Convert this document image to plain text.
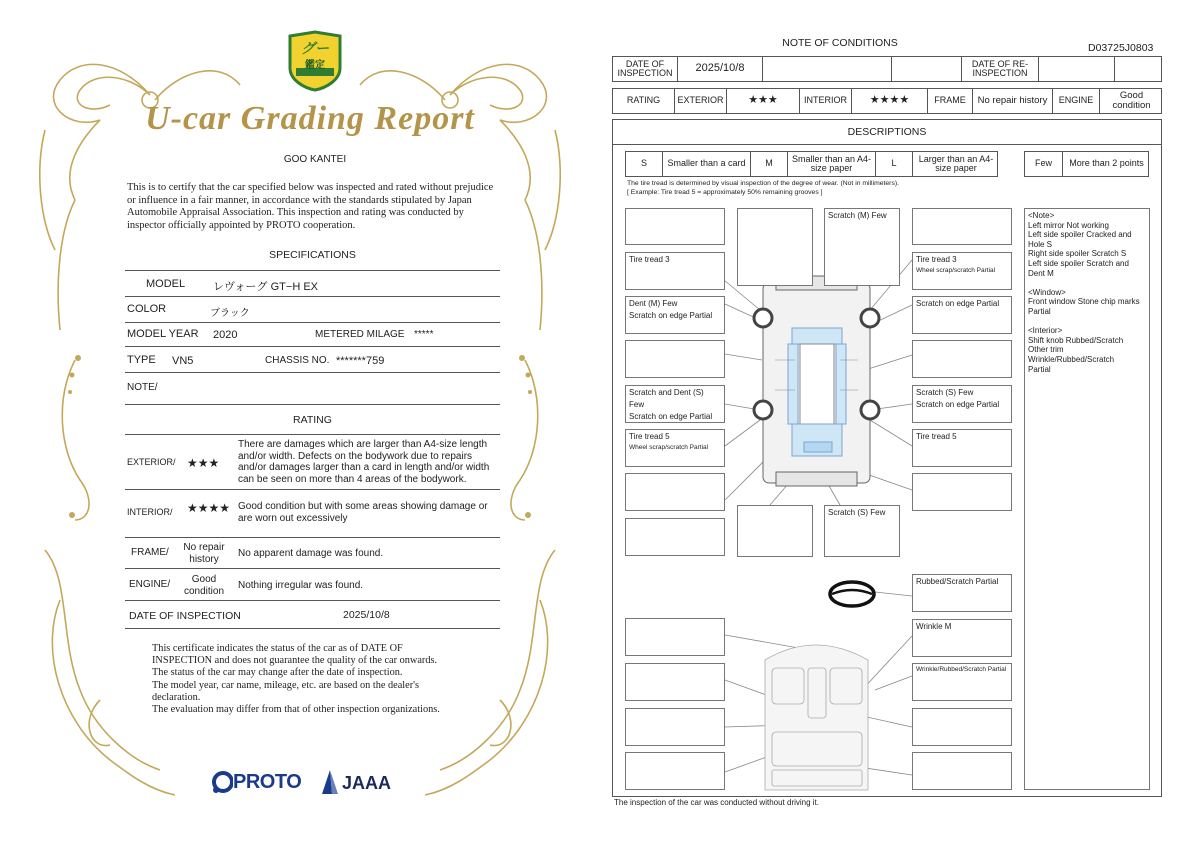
グー
鑑定
U-car Grading Report
GOO KANTEI
This is to certify that the car specified below was inspected and rated without prejudice or influence in a fair manner, in accordance with the standards stipulated by Japan Automobile Appraisal Association. This inspection and rating was conducted by inspector officially appointed by PROTO cooperation.
SPECIFICATIONS
MODEL	レヴォーグ GT−H EX
COLOR	ブラック
MODEL YEAR 2020	METERED MILAGE *****
TYPE VN5	CHASSIS NO. *******759
NOTE/
RATING
EXTERIOR/ ★★★
There are damages which are larger than A4-size length and/or width. Defects on the bodywork due to repairs and/or damages larger than a card in length and/or width can be seen on more than 4 areas of the bodywork.
INTERIOR/ ★★★★ Good condition but with some areas showing damage or are worn out excessively
FRAME/	No repair history	No apparent damage was found.
ENGINE/	Good condition	Nothing irregular was found.
DATE OF INSPECTION	2025/10/8
This certificate indicates the status of the car as of DATE OF
INSPECTION and does not guarantee the quality of the car onwards.
The status of the car may change after the date of inspection.
The model year, car name, mileage, etc. are based on the dealer's
declaration.
The evaluation may differ from that of other inspection organizations.
PROTO JAAA
NOTE OF CONDITIONS	D03725J0803
DATE OF INSPECTION	2025/10/8	DATE OF RE-INSPECTION
RATING	EXTERIOR	★★★	INTERIOR	★★★★	FRAME	No repair history	ENGINE	Good condition
DESCRIPTIONS
S	Smaller than a card	M	Smaller than an A4-size paper	L	Larger than an A4-size paper	Few	More than 2 points
The tire tread is determined by visual inspection of the degree of wear. (Not in millimeters).
[ Example: Tire tread 5 = approximately 50% remaining grooves ]
Tire tread 3
Dent (M) Few
Scratch on edge Partial
Scratch and Dent (S) Few
Scratch on edge Partial
Tire tread 5
Wheel scrap/scratch Partial
Scratch (M) Few
Scratch (S) Few
Tire tread 3
Wheel scrap/scratch Partial
Scratch on edge Partial
Scratch (S) Few
Scratch on edge Partial
Tire tread 5
Rubbed/Scratch Partial
Wrinkle M
Wrinkle/Rubbed/Scratch Partial
<Note>
Left mirror Not working
Left side spoiler Cracked and
Hole S
Right side spoiler Scratch S
Left side spoiler Scratch and
Dent M
<Window>
Front window Stone chip marks
Partial
<Interior>
Shift knob Rubbed/Scratch
Other trim
Wrinkle/Rubbed/Scratch
Partial
The inspection of the car was conducted without driving it.
